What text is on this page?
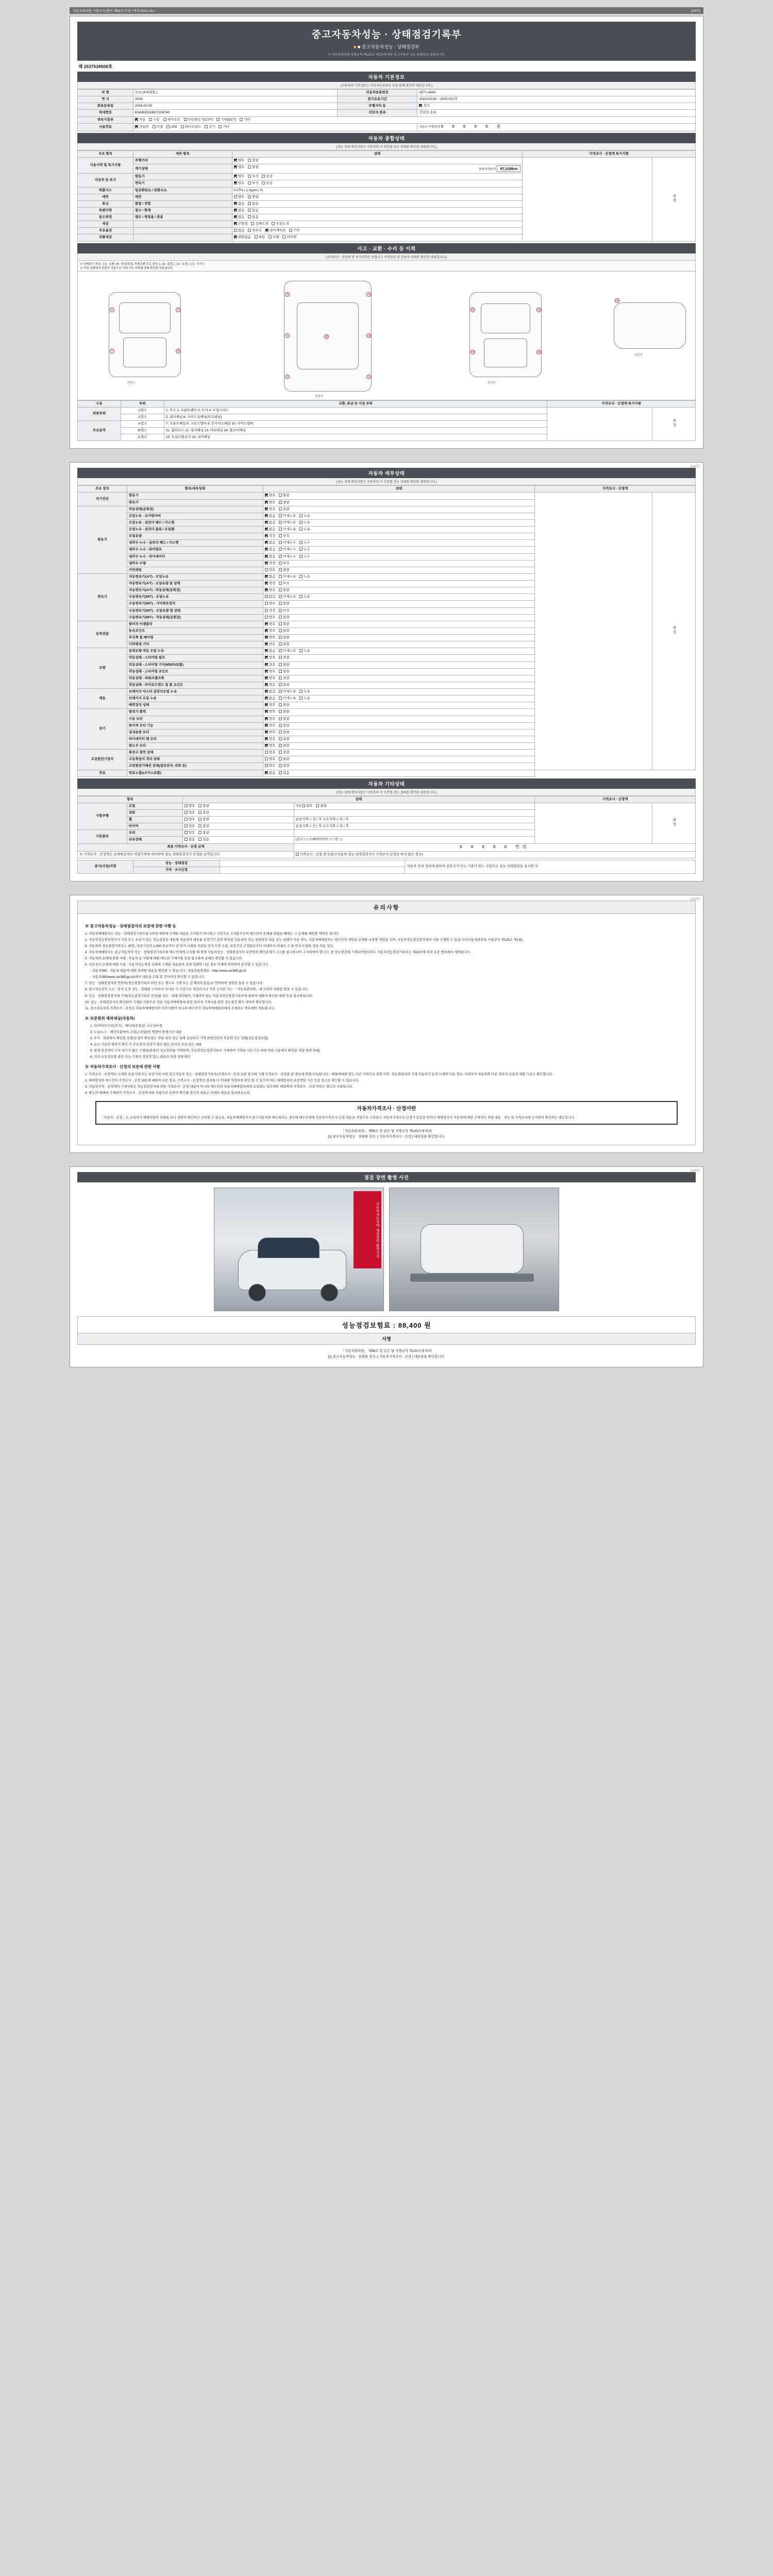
자동차관리법 시행규칙 [별지 제82호서식] <개정 2015.1.6.>	(1/4면)
중고자동차성능 · 상태점검기록부
■ ■ 중고자동차성능 · 상태점검부
※ 자동차관리법 시행규칙 제120조 제1항에 따른 중고자동차 성능·상태점검 내용입니다.
제 2537539508호
자동차 기본정보
(자동차의 기본정보는 자동차등록원부 등을 통해 확인한 내용입니다.)
차 명	모닝 (4세대형 )	자동차등록번호	157노4442
연 식	2016	검사유효기간	2018-03-08 ~ 2020-03-07
최초등록일	2016-02-02	주행거리 등	검사
차대번호	KNABX511BGT226740	진단자 종류	진단자 종류
변속기종류	자동 수동 세미오토 무단변속기(CVT) 기타(DCT) 기타		
사용연료	가솔린 디젤 LPG 하이브리드 전기 기타		자동차 가액/차량 0 0 0 0 0 원
자동차 종합상태
(성능·상태 확인사항은 자동차의 각 부분별 성능·상태를 확인한 내용입니다.)
주요 항목	세부 항목	상태	가격조사 · 산정액 특기사항	
사용이력 및 특기사항	주행거리	양호 불량		판정
	계기상태	양호 불량
현재 주행거리 97,039km		

자동차 등 표기	원동기	양호 부식 손상		
	변속기	양호 부식 손상		
배출가스	일산화탄소 / 탄화수소	0.07% | 1.0ppm | %		
매연	매연	양호 불량		
튜닝	불법 / 적법	없음 있음		
특별이력	침수 / 화재	없음 있음		
용도변경	렌트 / 영업용 / 관용	없음 있음		
색상		무변경 전체도색 부분도색		
주요옵션		없음 썬루프 내비게이션 기타		
리콜대상		해당없음 해당 이행 미이행		
사고 · 교환 · 수리 등 이력
(가격조사 · 산정액 및 특기사항은 보험사고 이력정보 및 자동차 상태를 확인한 내용입니다.)
※ 상태표시 부호 : ( X : 교환, W : 판금/용접, 부품교환 또는 판금 ), ( A : 흠집 ), ( U : 요철 ), ( C : 부식 )
※ 하단 상태에서 속출부 기준으로 기재 가능 부위별 상태 확인한 부분입니다.
1	2
7	8
전면부
3	4
9	10
5	6
13
평면부
11	12
15	16
후면부
14
측면부
구분	부위	교환, 판금 등 이상 부위	가격조사 · 산정액 특기사항	
외판부위	1랭크	1. 후드 2. 프론트팬더 3. 도어 4. 트렁크리드		판정
	2랭크	5. 쿼터패널 6. 사이드실패널(루프패널)		
주요골격	A랭크	7. 프론트패널 8. 크로스멤버 9. 인사이드패널 10. 사이드멤버		
	B랭크	11. 휠하우스 12. 필러패널 13. 대쉬패널 14. 플로어패널		
	C랭크	15. 트렁크플로어 16. 리어패널		
(2/4면)
자동차 세부상태
(성능·상태 확인사항은 자동차의 각 부분별 성능·상태를 확인한 내용입니다.)
주요 장치	항목/세부상태	상태	가격조사 · 산정액	
자기진단	원동기	양호 불량		판정
	변속기	양호 불량		
원동기	작동상태(공회전)	양호 불량		
	오일누유 - 로커암카버	없음 미세누유 누유		
	오일누유 - 실린더 헤드 / 가스켓	없음 미세누유 누유		
	오일누유 - 실린더 블록 / 오일팬	없음 미세누유 누유		
	오일유량	적정 부족		
	냉각수 누수 - 실린더 헤드 / 가스켓	없음 미세누수 누수		
	냉각수 누수 - 워터펌프	없음 미세누수 누수		
	냉각수 누수 - 라디에이터	없음 미세누수 누수		
	냉각수 수량	적정 부족		
	커먼레일	양호 불량		
변속기	자동변속기(A/T) - 오일누유	없음 미세누유 누유		
	자동변속기(A/T) - 오일유량 및 상태	적정 부족		
	자동변속기(A/T) - 작동상태(공회전)	양호 불량		
	수동변속기(M/T) - 오일누유	없음 미세누유 누유		
	수동변속기(M/T) - 기어변속장치	양호 불량		
	수동변속기(M/T) - 오일유량 및 상태	적정 부족		
	수동변속기(M/T) - 작동상태(공회전)	양호 불량		
동력전달	클러치 어셈블리	양호 불량		
	등속조인트	양호 불량		
	추진축 및 베어링	양호 불량		
	디퍼렌셜 기어	양호 불량		
조향	동력조향 작동 오일 누유	없음 미세누유 누유		
	작동상태 - 스티어링 펌프	양호 불량		
	작동상태 - 스티어링 기어(MDPS포함)	양호 불량		
	작동상태 - 스티어링 조인트	양호 불량		
	작동상태 - 파워크랭크축	양호 불량		
	작동상태 - 타이로드엔드 및 볼 조인트	양호 불량		
제동	브레이크 마스터 실린더오일 누유	없음 미세누유 누유		
	브레이크 오일 누유	없음 미세누유 누유		
	배력장치 상태	양호 불량		
전기	발전기 출력	양호 불량		
	시동 모터	양호 불량		
	와이퍼 모터 기능	양호 불량		
	실내송풍 모터	양호 불량		
	라디에이터 팬 모터	양호 불량		
	윈도우 모터	양호 불량		
고전원전기장치	충전구 절연 상태	양호 불량		
	구동축전지 격리 상태	양호 불량		
	고전원전기배선 상태(접속단자, 피복 등)	양호 불량		
연료	연료누출(LP가스포함)	없음 있음		
자동차 기타상태
(성능·상태 확인사항은 자동차의 각 부분별 성능·상태를 확인한 내용입니다.)
항목		상태		가격조사 · 산정액	
시험주행	오일	양호 불량	내장 양호 불량		판정
	외판	양호 불량			
	휠	양호 불량	운전석쪽 □ 전 / 후 조수석쪽 □ 전 / 후		
	타이어	양호 불량	운전석쪽 □ 전 / 후 조수석쪽 □ 전 / 후		
기본품목	유리	양호 불량			
	보유상태	없음 있음	(공구 □ / 스페어타이어 □ / 잭 □ )		
최종 가격조사 · 산정 금액			0 0 0 0 0 만원		
※ 가격조사 · 산정액은 실매매금액과 차량가격에 대비하여 성능·상태점검자가 산정한 금액입니다.			가격조사 · 산정 불가(중고자동차 성능·상태점검자가 가격조사·산정을 하지 않은 경우)		
종사(사업)자명	성능 · 상태점검		자동차 등의 정비에 관하여 전문지식 또는 기술이 있는 사람으로 성능·상태점검을 실시한 자
	가격 · 조사산정		
(3/4면)
유의사항
※ 중고자동차성능 · 상태점검자의 보증에 관한 사항 등

1. 자동차매매업자는 성능 · 상태점검기록부를 1부에 제외에 기재된 내용을 고지하기 아니하고 거짓으로 고지함으로써 매수인이 손해를 입혔을 때에는 그 손해를 배상할 책임을 집니다.

2. 자동차성능점검장치가 거짓 또는 오류가 있는 성능점검을 내용에 적용하여 대부를 보장기간 동안 확인된 자동차의 성능·상태점검 내용 성능·상태가 다른 경우, 자동차매매업자는 매수인의 책임상 손해를 보상할 책임을 지며, 자동차성능점검장치에서 이를 수행할 수 있습니다(자동차관리법 시행규칙 제120조 제1항).

3. 자동차의 성능점검기록부는 30일, 보증기간이 1,000 킬로미터 중 먼저 나열한 기준을 먼저 도달 수순, 보증기간 근접일로부터 이내까지 이내의 그 중 먼저 도달한 것을 적용 성능.

4. 자동차매매업자는 중고자동차의 성능 · 상태점검기록부를 매수인에게 고지할 때 현재 자동차성능 · 상태점검자의 보증범위 확인문제가 고시를 참고하시어 고지하여야 합니다. 중 성능점검에 기재되어있더라도 자동차성능점검기록부는 제24조에 따라 보증 범위에서 제외됩니다.

5. 자동차의 손해에 관한 사항 : 자동차 등 사항에 대한 매도인 기재사항 등을 참고하여 손해로 확인할 수 있습니다.

6. 자동차의 손해에 대한 사항 : 자동차성능점검 상태에 기재된 내용들이 실제 상태와 다른 경우 아래에 연락하여 문의할 수 있습니다.

- 자동차365 : 자동차 내용에 대한 상세한 내용을 확인할 수 있습니다 : 자동차종합정보 : http://www.car365.go.kr

- 자동차365(www.car365.go.kr)에서 내용을 조회 및 검사이력 확인할 수 있습니다.

7. 성능 · 상태점검자의 연락처(성능점검기록부 하단 또는 별도로 기재 또는 공개되어 있음)로 연락하여 설명을 들을 수 있습니다.

8. 중고자동차의 구조 · 장치 등의 성능 · 상태를 고지하지 아니한 거 거짓으로 점검하거나 거짓 고지한 자는 「자동차관리법」에 의하여 처벌을 받을 수 있습니다.

9. 성능 · 상태점검장치에 기재(성능점검기록부 작성)를 성능 · 상태 점검항목 기재되어 있는 자동차성능점검기록부에 관하여 대하여 확인된 범위 등을 참조하십시오.

10. 성능 · 상태점검자의 확인하여 기재된 사항으로 적용 자동차매매업에 관련 당사자 기재사항 관련 성능점검 확인 대하여 확인합니다.

11. 중고자동차의 가격조사 · 산정은 자동차매매업자의 의무사항이 아니라 매수인이 자동차매매업자에게 요청하는 경우에만 적용됩니다.

※ 보증범위 제외대상(자동차)

1. 타이어/오디오(추가) · 배터리(부품)등 소모성부품

2. 누유/누수 · 배선부분에서 고압(고전압)이 영향이 발생기간 내용

3. 부식 · 외관에서 확인된 오염/손상이 확인되는 차량 내의 성능 상태 상실하지 기억 한번간단히 복용약 인도 상태(성능점검포함)

4. 음소 기준의 범위가 확인 후 주요장치 달려가 별도 없는 문의인 모습 있는 내용

5. 현재 전검에서 고지 대기지 않은 수행된(차량이 성능짐차를 기억하여, 자동차성능점검기록부 기재하여 기억된 나온기간 내에 차량 사용에서 확인된 차량 현재 상태)

6. 기타 소모성부품 관련 성능 기재가 정당적 있는 내용의 차량 상태 확인

※ 자동차가격조사 · 산정의 보증에 관한 사항

1. 가격조사 · 산정액이 시세와 실질거래 또는 보증기의 마련 중고자동차 성능 · 상태점검기록부(가격조사 · 산정 포함 창고에 기재 가격조사 · 산정을 한 경우에 한합니다)입니다. : 매물에대한 찾는 다른 가격으로 위임 이후, 성능점검서의 기재 자동차가 운전 시세와 다른 경우, 가격조사 자동차와 다른 경우의 실질적 제품 기준도 확인합니다.

2. 매매업자와 매수인이 가격조사 · 산정 내용에 대하여 다른 경우, 가격조사 · 산정액의 결과를 더 이내에 적절하게 확인 할 수 있으며 매도 매매업자의 보증책임 기간 등을 참고로 확인할 수 있습니다.

3. 자동차가격 · 산정액의 기재사항은 성능점검장치에 의한 가격조사 · 산정 내용이 아니라 매수인이 자동차매매업자에게 요청하는 경우에만 해당하며 가격조사 · 산정 여부는 별도의 사항입니다.

4. 별도의 매매에 기재하여 가격조사 · 산정에 대한 사항으로 인하여 확인될 경우의 내용은 아래의 내용을 참조하십시오.

자동차가격조사 · 산정이란
「자동차 · 산정」은 소비자가 매매차량의 상태를 보다 정확히 확인하고 신뢰할 수 있도록, 자동차매매업자가 중고자동차를 매도하려는 경우에 매수인에게 자동차가격조사·산정 내용을 서면으로 고지하고 자동차가격조사·산정자 인증을 받아서 매매업자가 자동차에 대한 구체적인 차량 내용 · 성능 및 가격조사에 근거하여 확인하는 제도입니다.
「자동차관리법」 제58조 및 같은 법 시행규칙 제120조에 따라
[1] 중고자동차성능 · 상태를 검사, [ 자동차가격조사 · 산정 ] 내용임을 확인합니다.
(4/4면)
점검 장면 촬영 사진
자동차성능상태 점검장면 촬영사진
성능점검보험료 : 88,400 원
서명
「자동차관리법」 제58조 및 같은 법 시행규칙 제120조에 따라
[1] 중고자동차성능 · 상태를 검사, [ 자동차가격조사 · 산정 ] 내용임을 확인합니다.
